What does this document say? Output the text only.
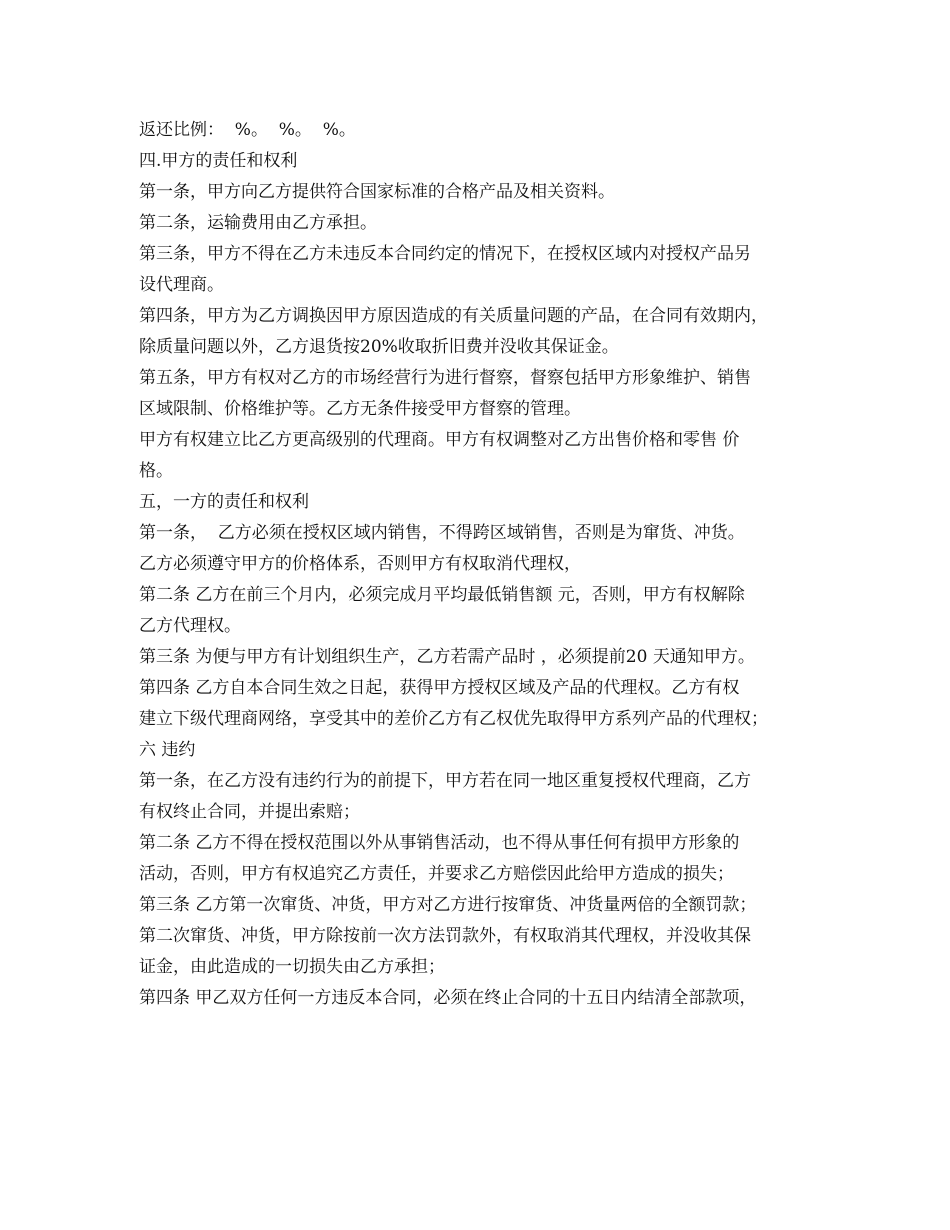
返还比例：  %。  %。  %。
四.甲方的责任和权利
第一条，甲方向乙方提供符合国家标准的合格产品及相关资料。
第二条，运输费用由乙方承担。
第三条，甲方不得在乙方未违反本合同约定的情况下，在授权区域内对授权产品另
设代理商。
第四条，甲方为乙方调换因甲方原因造成的有关质量问题的产品，在合同有效期内，
除质量问题以外，乙方退货按20%收取折旧费并没收其保证金。
第五条，甲方有权对乙方的市场经营行为进行督察，督察包括甲方形象维护、销售
区域限制、价格维护等。乙方无条件接受甲方督察的管理。
甲方有权建立比乙方更高级别的代理商。甲方有权调整对乙方出售价格和零售 价
格。
五，一方的责任和权利
第一条，  乙方必须在授权区域内销售，不得跨区域销售，否则是为窜货、冲货。
乙方必须遵守甲方的价格体系，否则甲方有权取消代理权，
第二条 乙方在前三个月内，必须完成月平均最低销售额 元，否则，甲方有权解除
乙方代理权。
第三条 为便与甲方有计划组织生产，乙方若需产品时 ，必须提前20 天通知甲方。
第四条 乙方自本合同生效之日起，获得甲方授权区域及产品的代理权。乙方有权
建立下级代理商网络，享受其中的差价乙方有乙权优先取得甲方系列产品的代理权；
六 违约
第一条，在乙方没有违约行为的前提下，甲方若在同一地区重复授权代理商，乙方
有权终止合同，并提出索赔；
第二条 乙方不得在授权范围以外从事销售活动，也不得从事任何有损甲方形象的
活动，否则，甲方有权追究乙方责任，并要求乙方赔偿因此给甲方造成的损失；
第三条 乙方第一次窜货、冲货，甲方对乙方进行按窜货、冲货量两倍的全额罚款；
第二次窜货、冲货，甲方除按前一次方法罚款外，有权取消其代理权，并没收其保
证金，由此造成的一切损失由乙方承担；
第四条 甲乙双方任何一方违反本合同，必须在终止合同的十五日内结清全部款项，
